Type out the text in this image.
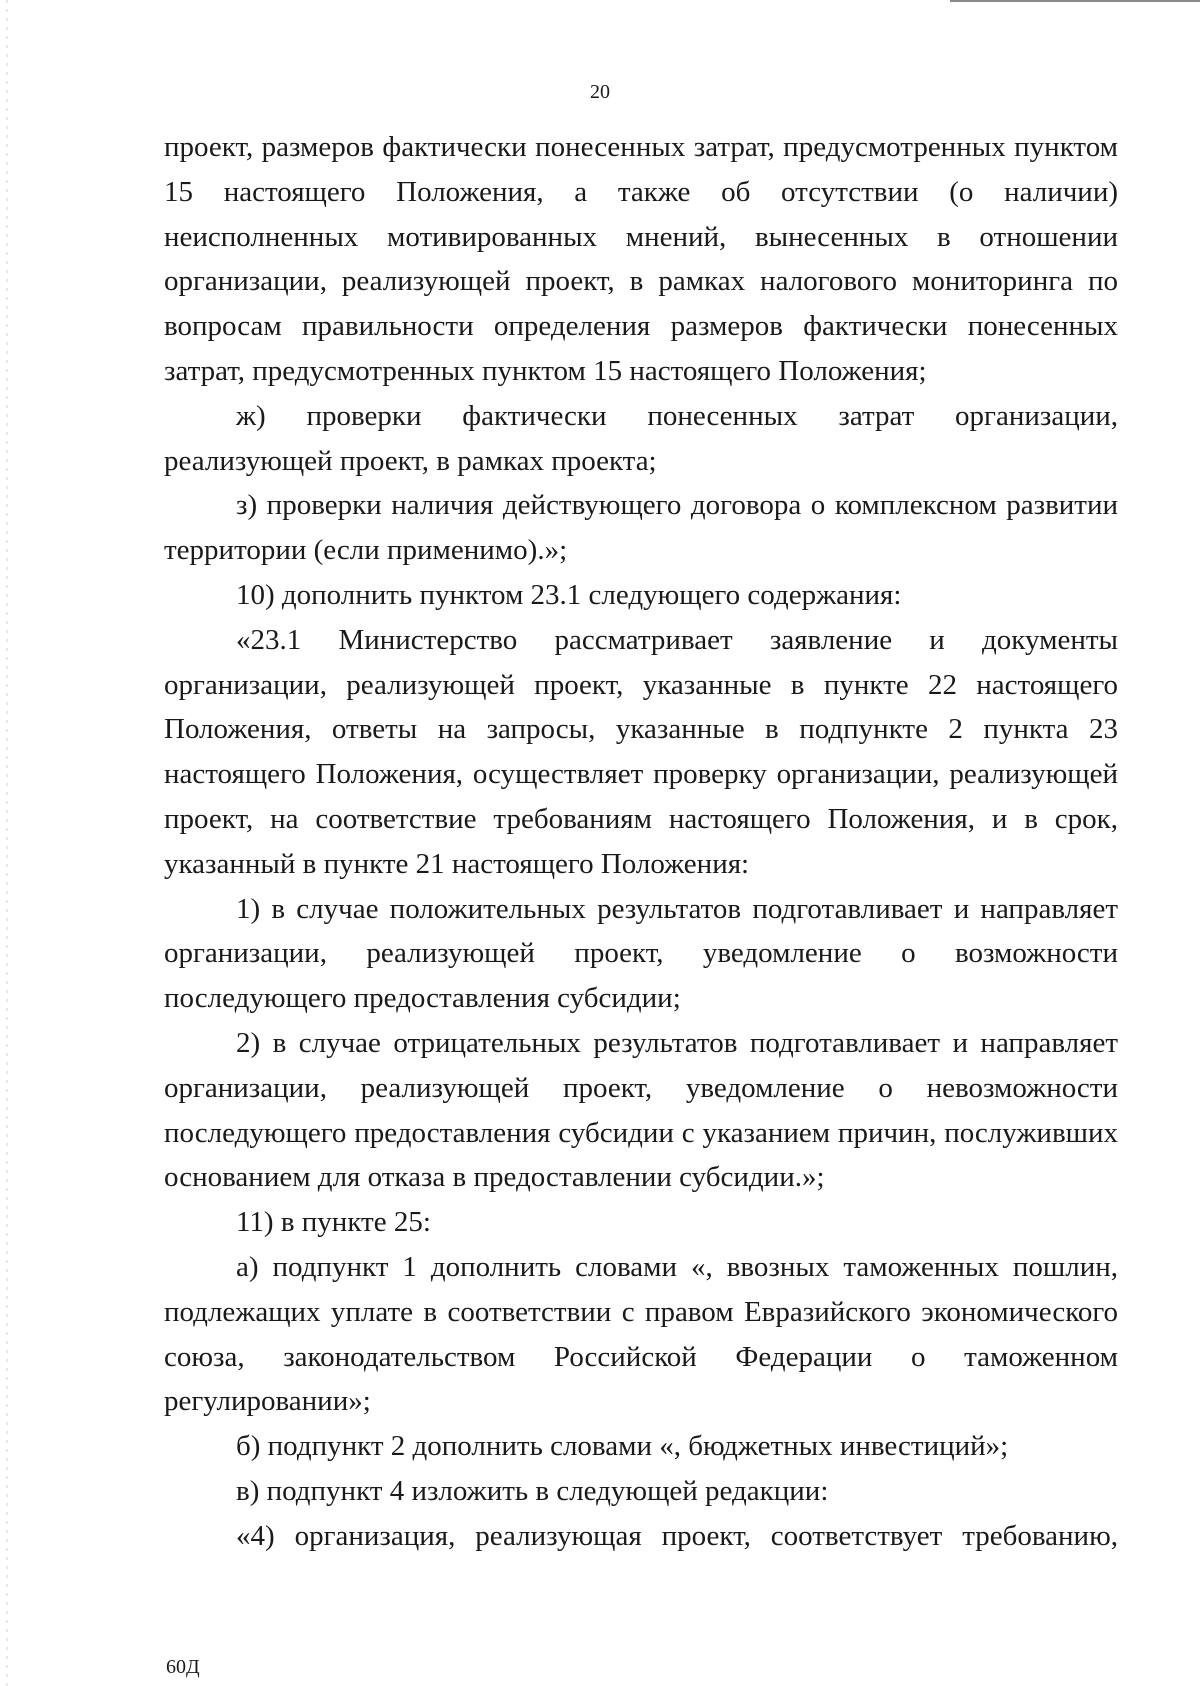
20

проект, размеров фактически понесенных затрат, предусмотренных пунктом 15 настоящего Положения, а также об отсутствии (о наличии) неисполненных мотивированных мнений, вынесенных в отношении организации, реализующей проект, в рамках налогового мониторинга по вопросам правильности определения размеров фактически понесенных затрат, предусмотренных пунктом 15 настоящего Положения;

ж) проверки фактически понесенных затрат организации, реализующей проект, в рамках проекта;

з) проверки наличия действующего договора о комплексном развитии территории (если применимо).»;

10) дополнить пунктом 23.1 следующего содержания:

«23.1 Министерство рассматривает заявление и документы организации, реализующей проект, указанные в пункте 22 настоящего Положения, ответы на запросы, указанные в подпункте 2 пункта 23 настоящего Положения, осуществляет проверку организации, реализующей проект, на соответствие требованиям настоящего Положения, и в срок, указанный в пункте 21 настоящего Положения:

1) в случае положительных результатов подготавливает и направляет организации, реализующей проект, уведомление о возможности последующего предоставления субсидии;

2) в случае отрицательных результатов подготавливает и направляет организации, реализующей проект, уведомление о невозможности последующего предоставления субсидии с указанием причин, послуживших основанием для отказа в предоставлении субсидии.»;

11) в пункте 25:

а) подпункт 1 дополнить словами «, ввозных таможенных пошлин, подлежащих уплате в соответствии с правом Евразийского экономического союза, законодательством Российской Федерации о таможенном регулировании»;

б) подпункт 2 дополнить словами «, бюджетных инвестиций»;

в) подпункт 4 изложить в следующей редакции:

«4) организация, реализующая проект, соответствует требованию,

60Д
